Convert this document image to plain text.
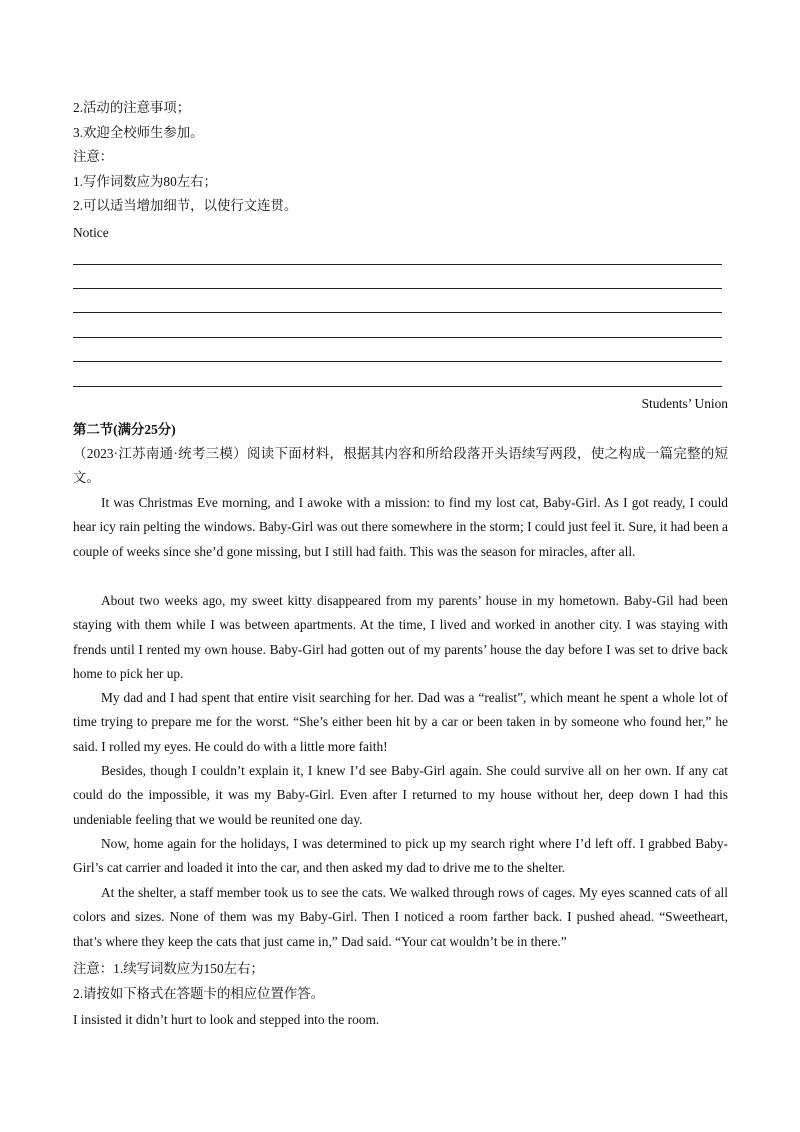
2.活动的注意事项；
3.欢迎全校师生参加。
注意：
1.写作词数应为80左右；
2.可以适当增加细节，以使行文连贯。
Notice
Students’ Union
第二节(满分25分)

（2023·江苏南通·统考三模）阅读下面材料，根据其内容和所给段落开头语续写两段，使之构成一篇完整的短文。

It was Christmas Eve morning, and I awoke with a mission: to find my lost cat, Baby-Girl. As I got ready, I could hear icy rain pelting the windows. Baby-Girl was out there somewhere in the storm; I could just feel it. Sure, it had been a couple of weeks since she’d gone missing, but I still had faith. This was the season for miracles, after all.

About two weeks ago, my sweet kitty disappeared from my parents’ house in my hometown. Baby-Gil had been staying with them while I was between apartments. At the time, I lived and worked in another city. I was staying with frends until I rented my own house. Baby-Girl had gotten out of my parents’ house the day before I was set to drive back home to pick her up.

My dad and I had spent that entire visit searching for her. Dad was a “realist”, which meant he spent a whole lot of time trying to prepare me for the worst. “She’s either been hit by a car or been taken in by someone who found her,” he said. I rolled my eyes. He could do with a little more faith!

Besides, though I couldn’t explain it, I knew I’d see Baby-Girl again. She could survive all on her own. If any cat could do the impossible, it was my Baby-Girl. Even after I returned to my house without her, deep down I had this undeniable feeling that we would be reunited one day.

Now, home again for the holidays, I was determined to pick up my search right where I’d left off. I grabbed Baby-Girl’s cat carrier and loaded it into the car, and then asked my dad to drive me to the shelter.

At the shelter, a staff member took us to see the cats. We walked through rows of cages. My eyes scanned cats of all colors and sizes. None of them was my Baby-Girl. Then I noticed a room farther back. I pushed ahead. “Sweetheart, that’s where they keep the cats that just came in,” Dad said. “Your cat wouldn’t be in there.”

注意：1.续写词数应为150左右；
2.请按如下格式在答题卡的相应位置作答。
I insisted it didn’t hurt to look and stepped into the room.
